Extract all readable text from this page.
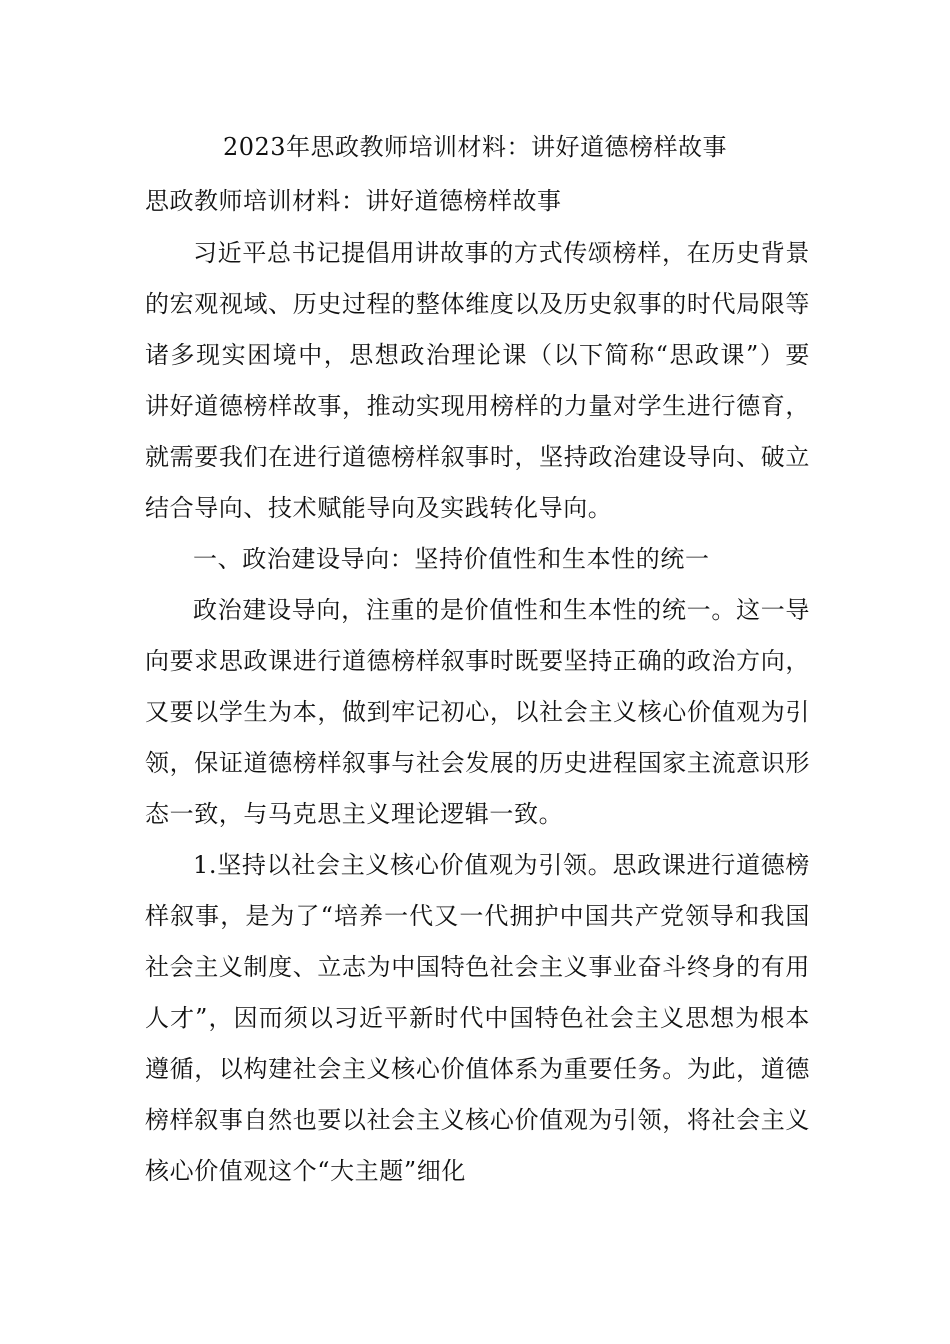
2023年思政教师培训材料：讲好道德榜样故事
思政教师培训材料：讲好道德榜样故事

习近平总书记提倡用讲故事的方式传颂榜样，在历史背景的宏观视域、历史过程的整体维度以及历史叙事的时代局限等诸多现实困境中，思想政治理论课（以下简称“思政课”）要讲好道德榜样故事，推动实现用榜样的力量对学生进行德育，就需要我们在进行道德榜样叙事时，坚持政治建设导向、破立结合导向、技术赋能导向及实践转化导向。

一、政治建设导向：坚持价值性和生本性的统一

政治建设导向，注重的是价值性和生本性的统一。这一导向要求思政课进行道德榜样叙事时既要坚持正确的政治方向，又要以学生为本，做到牢记初心，以社会主义核心价值观为引领，保证道德榜样叙事与社会发展的历史进程国家主流意识形态一致，与马克思主义理论逻辑一致。

1.坚持以社会主义核心价值观为引领。思政课进行道德榜样叙事，是为了“培养一代又一代拥护中国共产党领导和我国社会主义制度、立志为中国特色社会主义事业奋斗终身的有用人才”，因而须以习近平新时代中国特色社会主义思想为根本遵循，以构建社会主义核心价值体系为重要任务。为此，道德榜样叙事自然也要以社会主义核心价值观为引领，将社会主义核心价值观这个“大主题”细化
